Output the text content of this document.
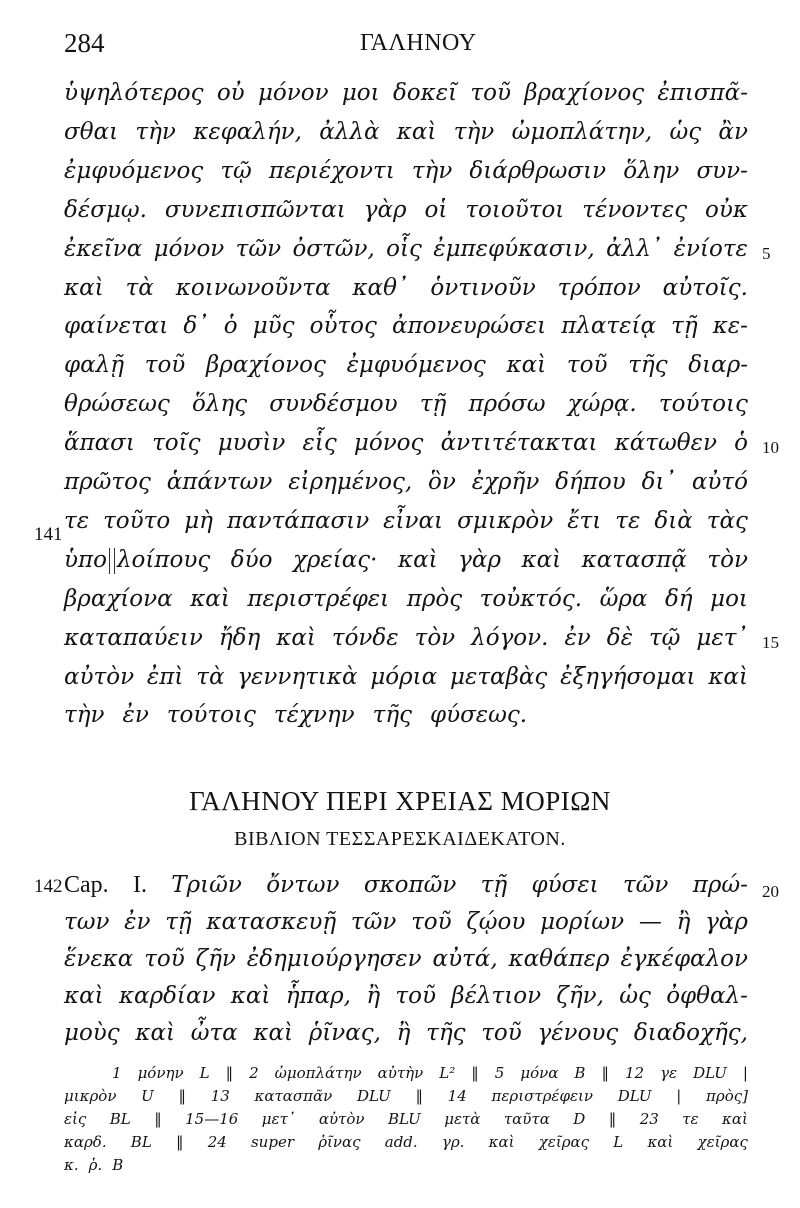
284	ΓΑΛΗΝΟΥ
ὑψηλότερος οὐ μόνον μοι δοκεῖ τοῦ βραχίονος ἐπισπᾶ-
σθαι τὴν κεφαλήν, ἀλλὰ καὶ τὴν ὠμοπλάτην, ὡς ἂν
ἐμφυόμενος τῷ περιέχοντι τὴν διάρθρωσιν ὅλην συν-
δέσμῳ. συνεπισπῶνται γὰρ οἱ τοιοῦτοι τένοντες οὐκ
ἐκεῖνα μόνον τῶν ὀστῶν, οἷς ἐμπεφύκασιν, ἀλλ᾽ ἐνίοτε
καὶ τὰ κοινωνοῦντα καθ᾽ ὁντινοῦν τρόπον αὐτοῖς.
φαίνεται δ᾽ ὁ μῦς οὗτος ἀπονευρώσει πλατείᾳ τῇ κε-
φαλῇ τοῦ βραχίονος ἐμφυόμενος καὶ τοῦ τῆς διαρ-
θρώσεως ὅλης συνδέσμου τῇ πρόσω χώρᾳ. τούτοις
ἅπασι τοῖς μυσὶν εἷς μόνος ἀντιτέτακται κάτωθεν ὁ
πρῶτος ἁπάντων εἰρημένος, ὃν ἐχρῆν δήπου δι᾽ αὐτό
τε τοῦτο μὴ παντάπασιν εἶναι σμικρὸν ἔτι τε διὰ τὰς
ὑπο λοίπους δύο χρείας· καὶ γὰρ καὶ κατασπᾷ τὸν
βραχίονα καὶ περιστρέφει πρὸς τοὐκτός. ὥρα δή μοι
καταπαύειν ἤδη καὶ τόνδε τὸν λόγον. ἐν δὲ τῷ μετ᾽
αὐτὸν ἐπὶ τὰ γεννητικὰ μόρια μεταβὰς ἐξηγήσομαι καὶ
τὴν ἐν τούτοις τέχνην τῆς φύσεως.
5
10
15
141
ΓΑΛΗΝΟΥ ΠΕΡΙ ΧΡΕΙΑΣ ΜΟΡΙΩΝ
ΒΙΒΛΙΟΝ ΤΕΣΣΑΡΕΣΚΑΙΔΕΚΑΤΟΝ.
142 Cap. I. Τριῶν ὄντων σκοπῶν τῇ φύσει τῶν πρώ-
των ἐν τῇ κατασκευῇ τῶν τοῦ ζῴου μορίων — ἢ γὰρ
ἕνεκα τοῦ ζῆν ἐδημιούργησεν αὐτά, καθάπερ ἐγκέφαλον
καὶ καρδίαν καὶ ἧπαρ, ἢ τοῦ βέλτιον ζῆν, ὡς ὀφθαλ-
μοὺς καὶ ὦτα καὶ ῥῖνας, ἢ τῆς τοῦ γένους διαδοχῆς,
20
1 μόνην L ‖ 2 ὠμοπλάτην αὐτὴν L² ‖ 5 μόνα B ‖ 12 γε DLU |
μικρὸν U ‖ 13 κατασπᾶν DLU ‖ 14 περιστρέφειν DLU | πρὸς]
εἰς BL ‖ 15—16 μετ᾽ αὐτὸν BLU μετὰ ταῦτα D ‖ 23 τε καὶ
καρδ. BL ‖ 24 super ῥῖνας add. γρ. καὶ χεῖρας L καὶ χεῖρας
κ. ῥ. B
